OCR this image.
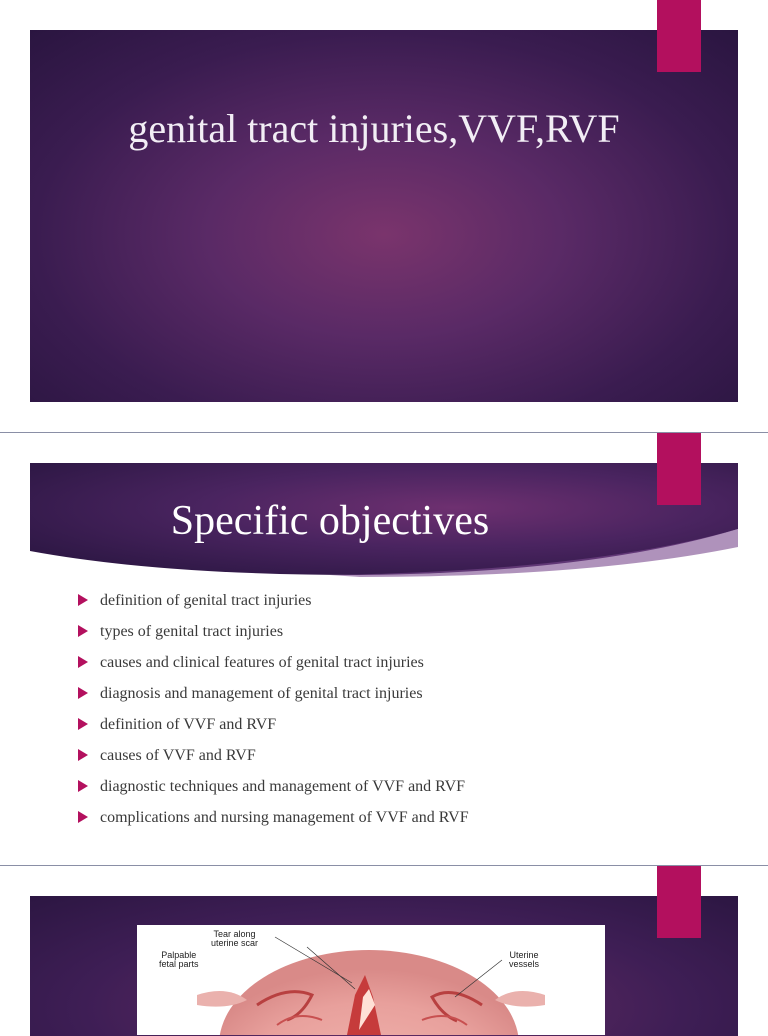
genital tract injuries,VVF,RVF
Specific objectives
definition of genital tract injuries
types of genital tract injuries
causes and clinical features of genital tract injuries
diagnosis and management of genital tract injuries
definition of VVF and RVF
causes of VVF and RVF
diagnostic techniques and management of VVF and RVF
complications and nursing management of VVF and RVF
Tear along
uterine scar
Palpable
fetal parts
Uterine
vessels
